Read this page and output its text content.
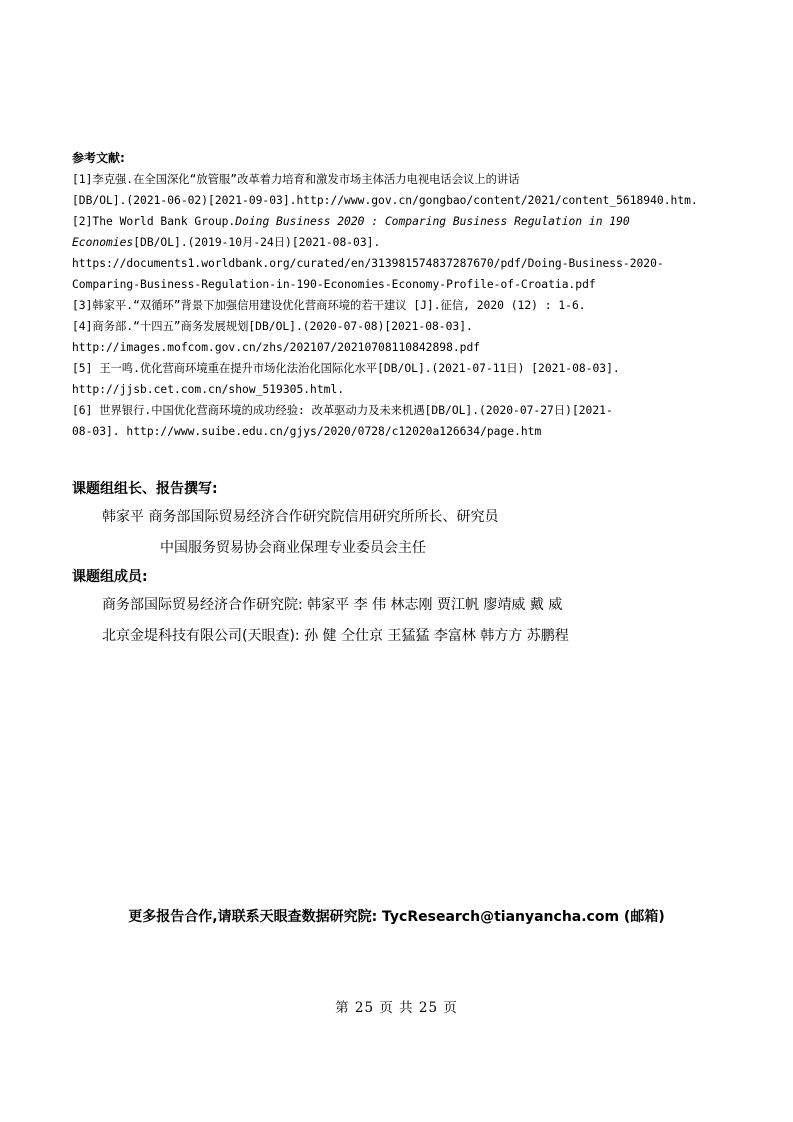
参考文献:
[1]李克强.在全国深化“放管服”改革着力培育和激发市场主体活力电视电话会议上的讲话
[DB/OL].(2021-06-02)[2021-09-03].http://www.gov.cn/gongbao/content/2021/content_5618940.htm.
[2]The World Bank Group.Doing Business 2020 : Comparing Business Regulation in 190
Economies[DB/OL].(2019-10月-24日)[2021-08-03].
https://documents1.worldbank.org/curated/en/313981574837287670/pdf/Doing-Business-2020-
Comparing-Business-Regulation-in-190-Economies-Economy-Profile-of-Croatia.pdf
[3]韩家平.“双循环”背景下加强信用建设优化营商环境的若干建议 [J].征信, 2020 (12) : 1-6.
[4]商务部.“十四五”商务发展规划[DB/OL].(2020-07-08)[2021-08-03].
http://images.mofcom.gov.cn/zhs/202107/20210708110842898.pdf
[5] 王一鸣.优化营商环境重在提升市场化法治化国际化水平[DB/OL].(2021-07-11日) [2021-08-03].
http://jjsb.cet.com.cn/show_519305.html.
[6] 世界银行.中国优化营商环境的成功经验: 改革驱动力及未来机遇[DB/OL].(2020-07-27日)[2021-
08-03]. http://www.suibe.edu.cn/gjys/2020/0728/c12020a126634/page.htm
课题组组长、报告撰写:
韩家平 商务部国际贸易经济合作研究院信用研究所所长、研究员
中国服务贸易协会商业保理专业委员会主任
课题组成员:
商务部国际贸易经济合作研究院: 韩家平 李 伟 林志刚 贾江帆 廖靖威 戴 威
北京金堤科技有限公司(天眼查): 孙 健 仝仕京 王猛猛 李富林 韩方方 苏鹏程
更多报告合作,请联系天眼查数据研究院: TycResearch@tianyancha.com (邮箱)
第 25 页 共 25 页
